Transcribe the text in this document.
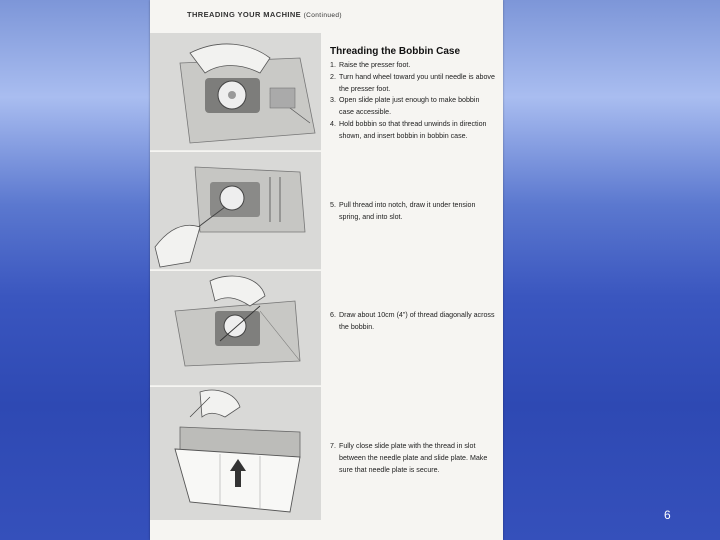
THREADING YOUR MACHINE (Continued)
Threading the Bobbin Case
1. Raise the presser foot.
2. Turn hand wheel toward you until needle is above the presser foot.
3. Open slide plate just enough to make bobbin case accessible.
4. Hold bobbin so that thread unwinds in direction shown, and insert bobbin in bobbin case.
5. Pull thread into notch, draw it under tension spring, and into slot.
6. Draw about 10cm (4") of thread diagonally across the bobbin.
7. Fully close slide plate with the thread in slot between the needle plate and slide plate. Make sure that needle plate is secure.
6
